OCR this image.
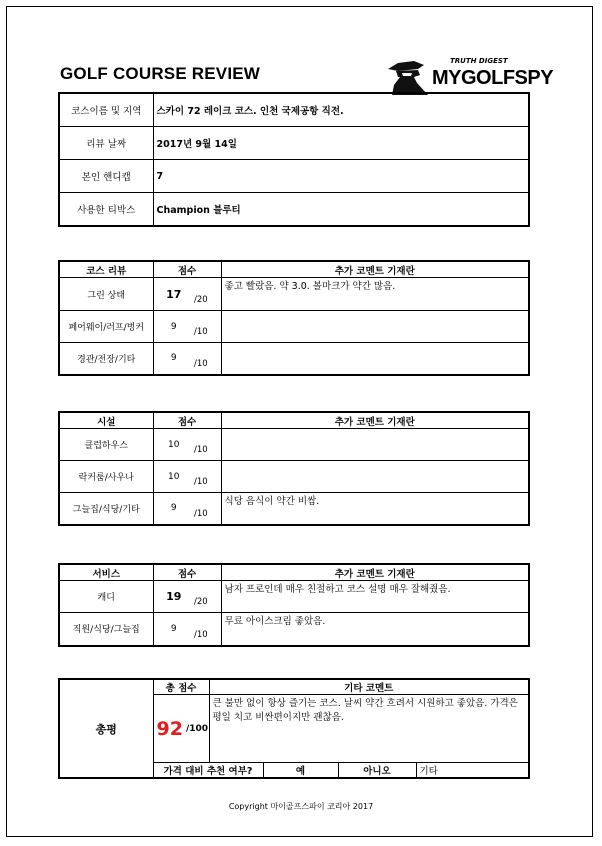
GOLF COURSE REVIEW
TRUTH DIGEST
MYGOLFSPY
코스이름 및 지역	스카이 72 레이크 코스. 인천 국제공항 직전.
리뷰 날짜	2017년 9월 14일
본인 핸디캡	7
사용한 티박스	Champion 블루티
코스 리뷰	점수		추가 코멘트 기재란
그린 상태	17	/20	좋고 빨랐음. 약 3.0. 볼마크가 약간 많음.
페어웨이/러프/벙커	9	/10	
경관/전장/기타	9	/10	
시설	점수		추가 코멘트 기재란
클럽하우스	10	/10	
락커룸/사우나	10	/10	
그늘집/식당/기타	9	/10	식당 음식이 약간 비쌈.
서비스	점수		추가 코멘트 기재란
캐디	19	/20	남자 프로인데 매우 친절하고 코스 설명 매우 잘해줬음.
직원/식당/그늘집	9	/10	무료 아이스크림 좋았음.
총평	총 점수		기타 코멘트			
	92	/100	큰 불만 없이 항상 즐기는 코스. 날씨 약간 흐려서 시원하고 좋았음. 가격은 평일 치고 비싼편이지만 괜찮음.			
	가격 대비 추천 여부?			예	아니오	기타
Copyright 마이골프스파이 코리아 2017
